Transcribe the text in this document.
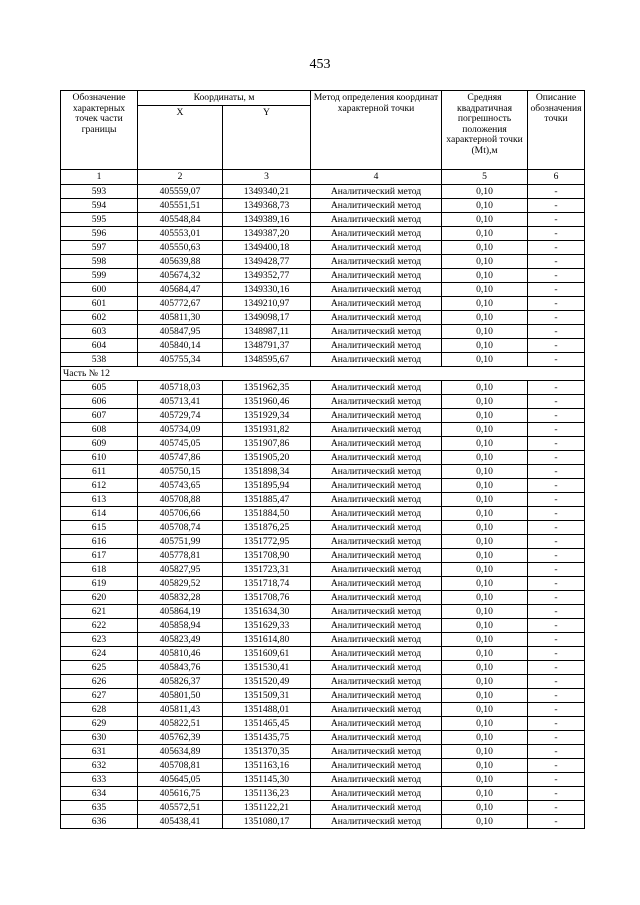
453
Обозначение характерных точек части границы	Координаты, м		Метод определения координат характерной точки	Средняя квадратичная погрешность положения характерной точки (Mt),м	Описание обозначения точки
	X	Y			
1	2	3	4	5	6
593	405559,07	1349340,21	Аналитический метод	0,10	-
594	405551,51	1349368,73	Аналитический метод	0,10	-
595	405548,84	1349389,16	Аналитический метод	0,10	-
596	405553,01	1349387,20	Аналитический метод	0,10	-
597	405550,63	1349400,18	Аналитический метод	0,10	-
598	405639,88	1349428,77	Аналитический метод	0,10	-
599	405674,32	1349352,77	Аналитический метод	0,10	-
600	405684,47	1349330,16	Аналитический метод	0,10	-
601	405772,67	1349210,97	Аналитический метод	0,10	-
602	405811,30	1349098,17	Аналитический метод	0,10	-
603	405847,95	1348987,11	Аналитический метод	0,10	-
604	405840,14	1348791,37	Аналитический метод	0,10	-
538	405755,34	1348595,67	Аналитический метод	0,10	-
Часть № 12					
605	405718,03	1351962,35	Аналитический метод	0,10	-
606	405713,41	1351960,46	Аналитический метод	0,10	-
607	405729,74	1351929,34	Аналитический метод	0,10	-
608	405734,09	1351931,82	Аналитический метод	0,10	-
609	405745,05	1351907,86	Аналитический метод	0,10	-
610	405747,86	1351905,20	Аналитический метод	0,10	-
611	405750,15	1351898,34	Аналитический метод	0,10	-
612	405743,65	1351895,94	Аналитический метод	0,10	-
613	405708,88	1351885,47	Аналитический метод	0,10	-
614	405706,66	1351884,50	Аналитический метод	0,10	-
615	405708,74	1351876,25	Аналитический метод	0,10	-
616	405751,99	1351772,95	Аналитический метод	0,10	-
617	405778,81	1351708,90	Аналитический метод	0,10	-
618	405827,95	1351723,31	Аналитический метод	0,10	-
619	405829,52	1351718,74	Аналитический метод	0,10	-
620	405832,28	1351708,76	Аналитический метод	0,10	-
621	405864,19	1351634,30	Аналитический метод	0,10	-
622	405858,94	1351629,33	Аналитический метод	0,10	-
623	405823,49	1351614,80	Аналитический метод	0,10	-
624	405810,46	1351609,61	Аналитический метод	0,10	-
625	405843,76	1351530,41	Аналитический метод	0,10	-
626	405826,37	1351520,49	Аналитический метод	0,10	-
627	405801,50	1351509,31	Аналитический метод	0,10	-
628	405811,43	1351488,01	Аналитический метод	0,10	-
629	405822,51	1351465,45	Аналитический метод	0,10	-
630	405762,39	1351435,75	Аналитический метод	0,10	-
631	405634,89	1351370,35	Аналитический метод	0,10	-
632	405708,81	1351163,16	Аналитический метод	0,10	-
633	405645,05	1351145,30	Аналитический метод	0,10	-
634	405616,75	1351136,23	Аналитический метод	0,10	-
635	405572,51	1351122,21	Аналитический метод	0,10	-
636	405438,41	1351080,17	Аналитический метод	0,10	-
